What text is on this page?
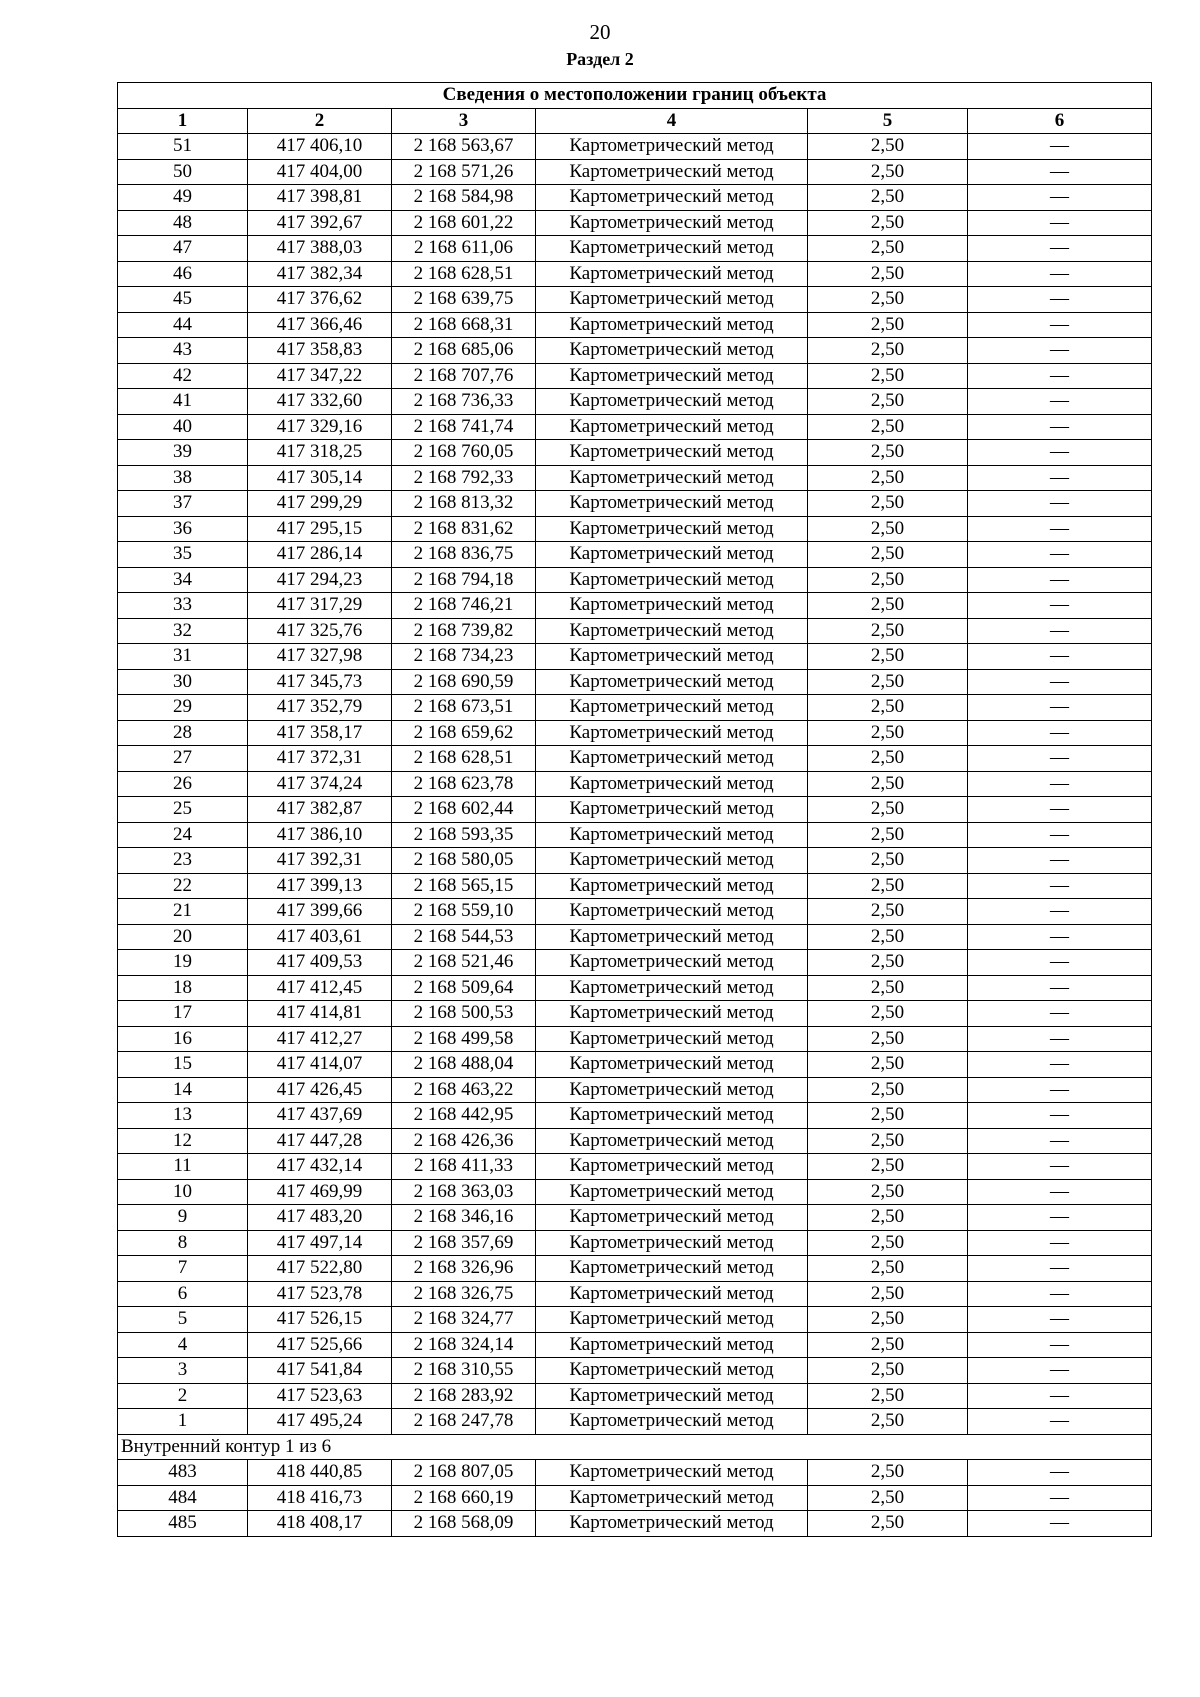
20
Раздел 2
Сведения о местоположении границ объекта					
1	2	3	4	5	6
51	417 406,10	2 168 563,67	Картометрический метод	2,50	—
50	417 404,00	2 168 571,26	Картометрический метод	2,50	—
49	417 398,81	2 168 584,98	Картометрический метод	2,50	—
48	417 392,67	2 168 601,22	Картометрический метод	2,50	—
47	417 388,03	2 168 611,06	Картометрический метод	2,50	—
46	417 382,34	2 168 628,51	Картометрический метод	2,50	—
45	417 376,62	2 168 639,75	Картометрический метод	2,50	—
44	417 366,46	2 168 668,31	Картометрический метод	2,50	—
43	417 358,83	2 168 685,06	Картометрический метод	2,50	—
42	417 347,22	2 168 707,76	Картометрический метод	2,50	—
41	417 332,60	2 168 736,33	Картометрический метод	2,50	—
40	417 329,16	2 168 741,74	Картометрический метод	2,50	—
39	417 318,25	2 168 760,05	Картометрический метод	2,50	—
38	417 305,14	2 168 792,33	Картометрический метод	2,50	—
37	417 299,29	2 168 813,32	Картометрический метод	2,50	—
36	417 295,15	2 168 831,62	Картометрический метод	2,50	—
35	417 286,14	2 168 836,75	Картометрический метод	2,50	—
34	417 294,23	2 168 794,18	Картометрический метод	2,50	—
33	417 317,29	2 168 746,21	Картометрический метод	2,50	—
32	417 325,76	2 168 739,82	Картометрический метод	2,50	—
31	417 327,98	2 168 734,23	Картометрический метод	2,50	—
30	417 345,73	2 168 690,59	Картометрический метод	2,50	—
29	417 352,79	2 168 673,51	Картометрический метод	2,50	—
28	417 358,17	2 168 659,62	Картометрический метод	2,50	—
27	417 372,31	2 168 628,51	Картометрический метод	2,50	—
26	417 374,24	2 168 623,78	Картометрический метод	2,50	—
25	417 382,87	2 168 602,44	Картометрический метод	2,50	—
24	417 386,10	2 168 593,35	Картометрический метод	2,50	—
23	417 392,31	2 168 580,05	Картометрический метод	2,50	—
22	417 399,13	2 168 565,15	Картометрический метод	2,50	—
21	417 399,66	2 168 559,10	Картометрический метод	2,50	—
20	417 403,61	2 168 544,53	Картометрический метод	2,50	—
19	417 409,53	2 168 521,46	Картометрический метод	2,50	—
18	417 412,45	2 168 509,64	Картометрический метод	2,50	—
17	417 414,81	2 168 500,53	Картометрический метод	2,50	—
16	417 412,27	2 168 499,58	Картометрический метод	2,50	—
15	417 414,07	2 168 488,04	Картометрический метод	2,50	—
14	417 426,45	2 168 463,22	Картометрический метод	2,50	—
13	417 437,69	2 168 442,95	Картометрический метод	2,50	—
12	417 447,28	2 168 426,36	Картометрический метод	2,50	—
11	417 432,14	2 168 411,33	Картометрический метод	2,50	—
10	417 469,99	2 168 363,03	Картометрический метод	2,50	—
9	417 483,20	2 168 346,16	Картометрический метод	2,50	—
8	417 497,14	2 168 357,69	Картометрический метод	2,50	—
7	417 522,80	2 168 326,96	Картометрический метод	2,50	—
6	417 523,78	2 168 326,75	Картометрический метод	2,50	—
5	417 526,15	2 168 324,77	Картометрический метод	2,50	—
4	417 525,66	2 168 324,14	Картометрический метод	2,50	—
3	417 541,84	2 168 310,55	Картометрический метод	2,50	—
2	417 523,63	2 168 283,92	Картометрический метод	2,50	—
1	417 495,24	2 168 247,78	Картометрический метод	2,50	—
Внутренний контур 1 из 6					
483	418 440,85	2 168 807,05	Картометрический метод	2,50	—
484	418 416,73	2 168 660,19	Картометрический метод	2,50	—
485	418 408,17	2 168 568,09	Картометрический метод	2,50	—
